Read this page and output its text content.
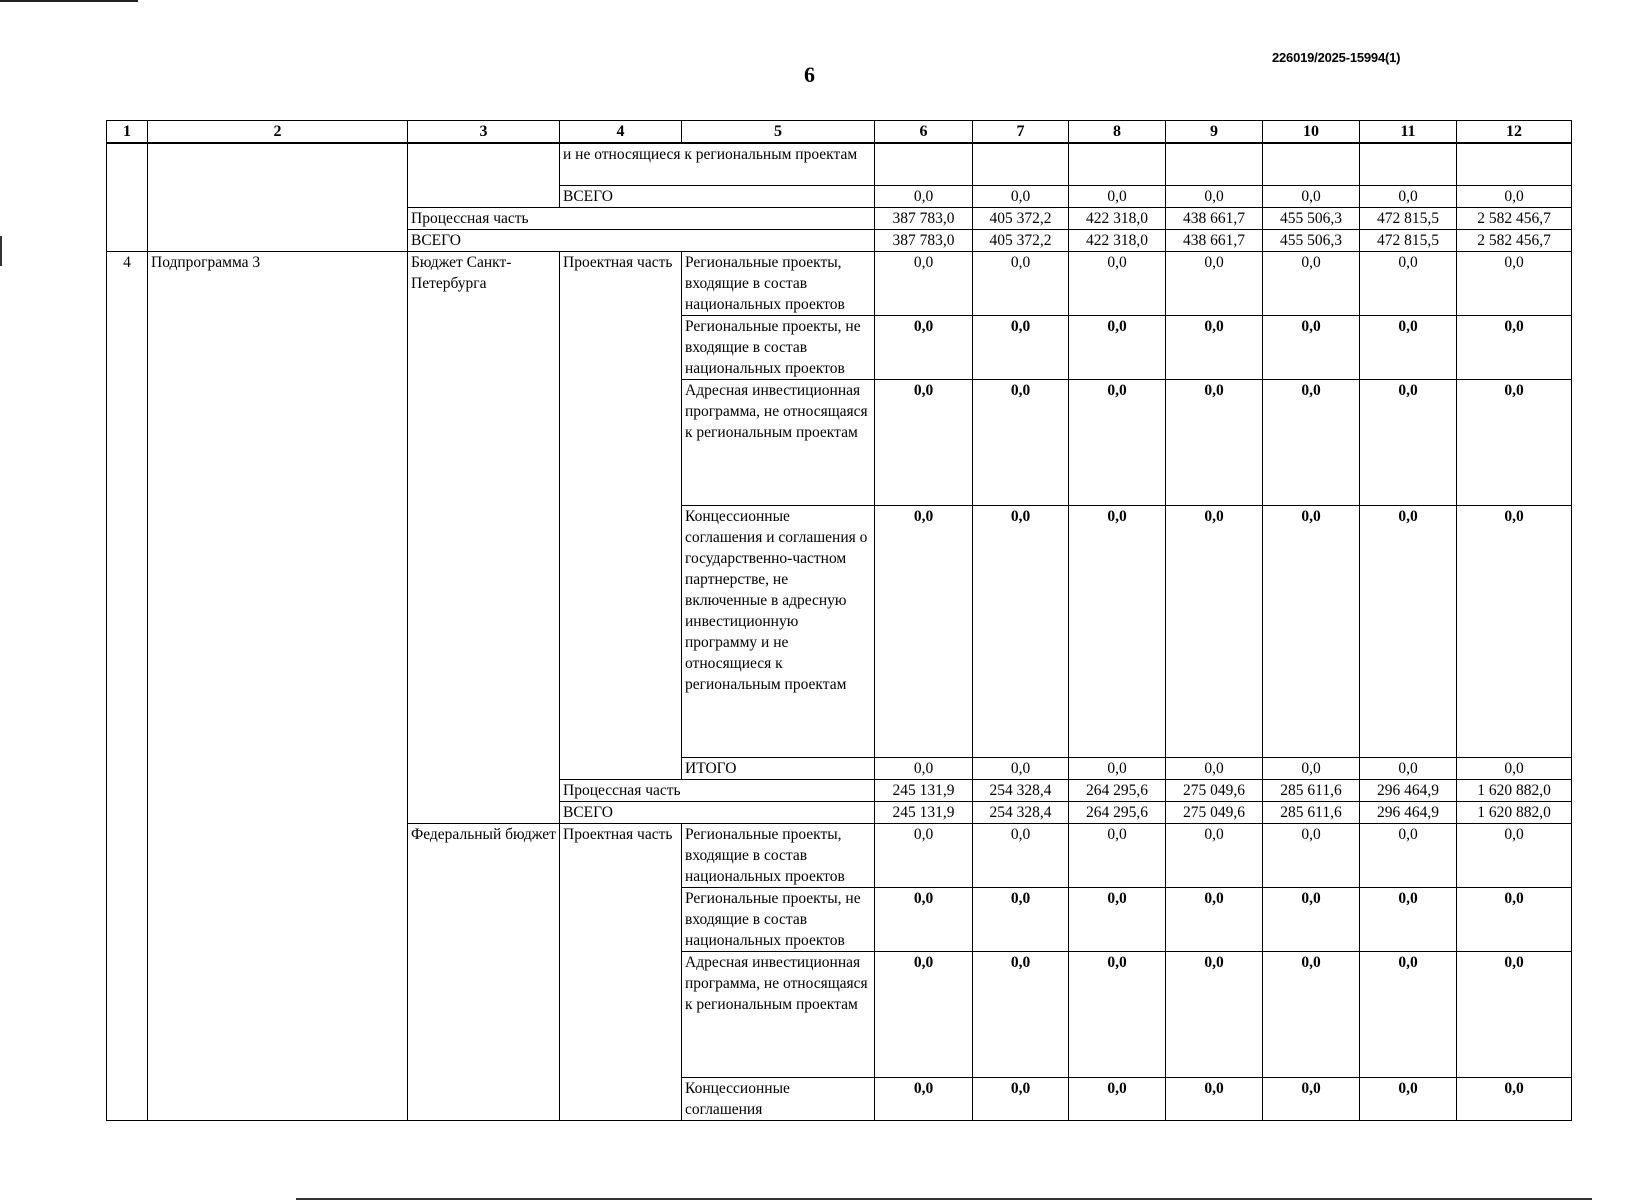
226019/2025-15994(1)
6
1	2	3	4	5	6	7	8	9	10	11	12
			и не относящиеся к региональным проектам								
			ВСЕГО		0,0	0,0	0,0	0,0	0,0	0,0	0,0
		Процессная часть			387 783,0	405 372,2	422 318,0	438 661,7	455 506,3	472 815,5	2 582 456,7
		ВСЕГО			387 783,0	405 372,2	422 318,0	438 661,7	455 506,3	472 815,5	2 582 456,7
4	Подпрограмма 3	Бюджет Санкт-Петербурга	Проектная часть	Региональные проекты, входящие в состав национальных проектов	0,0	0,0	0,0	0,0	0,0	0,0	0,0
				Региональные проекты, не входящие в состав национальных проектов	0,0	0,0	0,0	0,0	0,0	0,0	0,0
				Адресная инвестиционная программа, не относящаяся к региональным проектам	0,0	0,0	0,0	0,0	0,0	0,0	0,0
				Концессионные соглашения и соглашения о государственно-частном партнерстве, не включенные в адресную инвестиционную программу и не относящиеся к региональным проектам	0,0	0,0	0,0	0,0	0,0	0,0	0,0
				ИТОГО	0,0	0,0	0,0	0,0	0,0	0,0	0,0
			Процессная часть		245 131,9	254 328,4	264 295,6	275 049,6	285 611,6	296 464,9	1 620 882,0
			ВСЕГО		245 131,9	254 328,4	264 295,6	275 049,6	285 611,6	296 464,9	1 620 882,0
		Федеральный бюджет	Проектная часть	Региональные проекты, входящие в состав национальных проектов	0,0	0,0	0,0	0,0	0,0	0,0	0,0
				Региональные проекты, не входящие в состав национальных проектов	0,0	0,0	0,0	0,0	0,0	0,0	0,0
				Адресная инвестиционная программа, не относящаяся к региональным проектам	0,0	0,0	0,0	0,0	0,0	0,0	0,0
				Концессионные соглашения	0,0	0,0	0,0	0,0	0,0	0,0	0,0
